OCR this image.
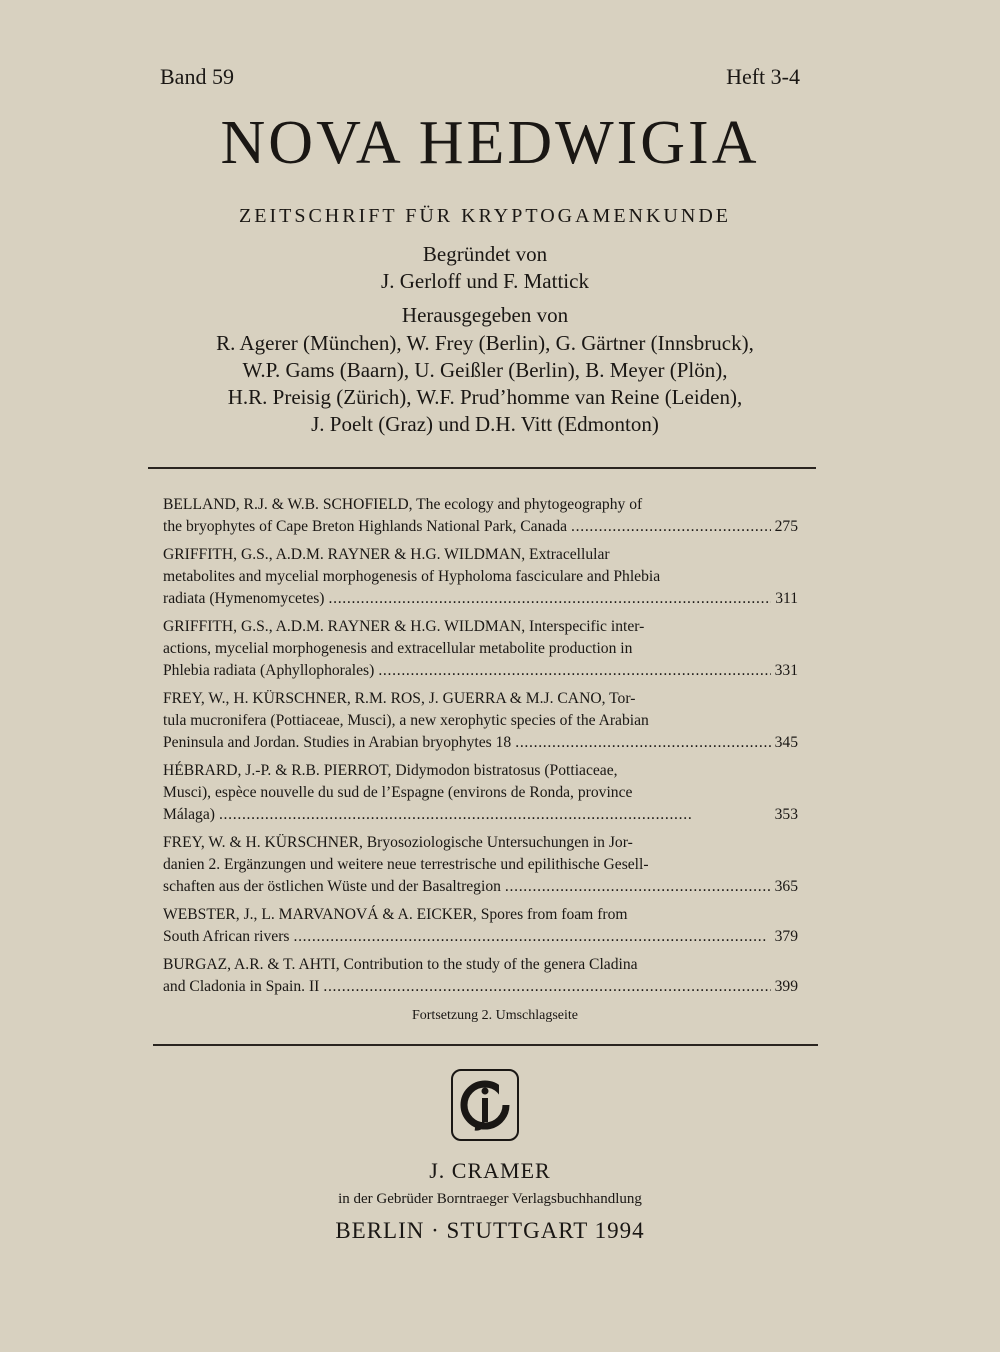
Band 59	Heft 3-4
NOVA HEDWIGIA
ZEITSCHRIFT FÜR KRYPTOGAMENKUNDE
Begründet von
J. Gerloff und F. Mattick
Herausgegeben von
R. Agerer (München), W. Frey (Berlin), G. Gärtner (Innsbruck),
W.P. Gams (Baarn), U. Geißler (Berlin), B. Meyer (Plön),
H.R. Preisig (Zürich), W.F. Prud’homme van Reine (Leiden),
J. Poelt (Graz) und D.H. Vitt (Edmonton)
BELLAND, R.J. & W.B. SCHOFIELD, The ecology and phytogeography of
the bryophytes of Cape Breton Highlands National Park, Canada . . .	275
GRIFFITH, G.S., A.D.M. RAYNER & H.G. WILDMAN, Extracellular
metabolites and mycelial morphogenesis of Hypholoma fasciculare and Phlebia
radiata (Hymenomycetes) . . .	311
GRIFFITH, G.S., A.D.M. RAYNER & H.G. WILDMAN, Interspecific inter-
actions, mycelial morphogenesis and extracellular metabolite production in
Phlebia radiata (Aphyllophorales) . . .	331
FREY, W., H. KÜRSCHNER, R.M. ROS, J. GUERRA & M.J. CANO, Tor-
tula mucronifera (Pottiaceae, Musci), a new xerophytic species of the Arabian
Peninsula and Jordan. Studies in Arabian bryophytes 18 . . .	345
HÉBRARD, J.-P. & R.B. PIERROT, Didymodon bistratosus (Pottiaceae,
Musci), espèce nouvelle du sud de l’Espagne (environs de Ronda, province
Málaga) . . .	353
FREY, W. & H. KÜRSCHNER, Bryosoziologische Untersuchungen in Jor-
danien 2. Ergänzungen und weitere neue terrestrische und epilithische Gesell-
schaften aus der östlichen Wüste und der Basaltregion . . .	365
WEBSTER, J., L. MARVANOVÁ & A. EICKER, Spores from foam from
South African rivers . . .	379
BURGAZ, A.R. & T. AHTI, Contribution to the study of the genera Cladina
and Cladonia in Spain. II . . .	399
Fortsetzung 2. Umschlagseite
J. CRAMER
in der Gebrüder Borntraeger Verlagsbuchhandlung
BERLIN · STUTTGART 1994
